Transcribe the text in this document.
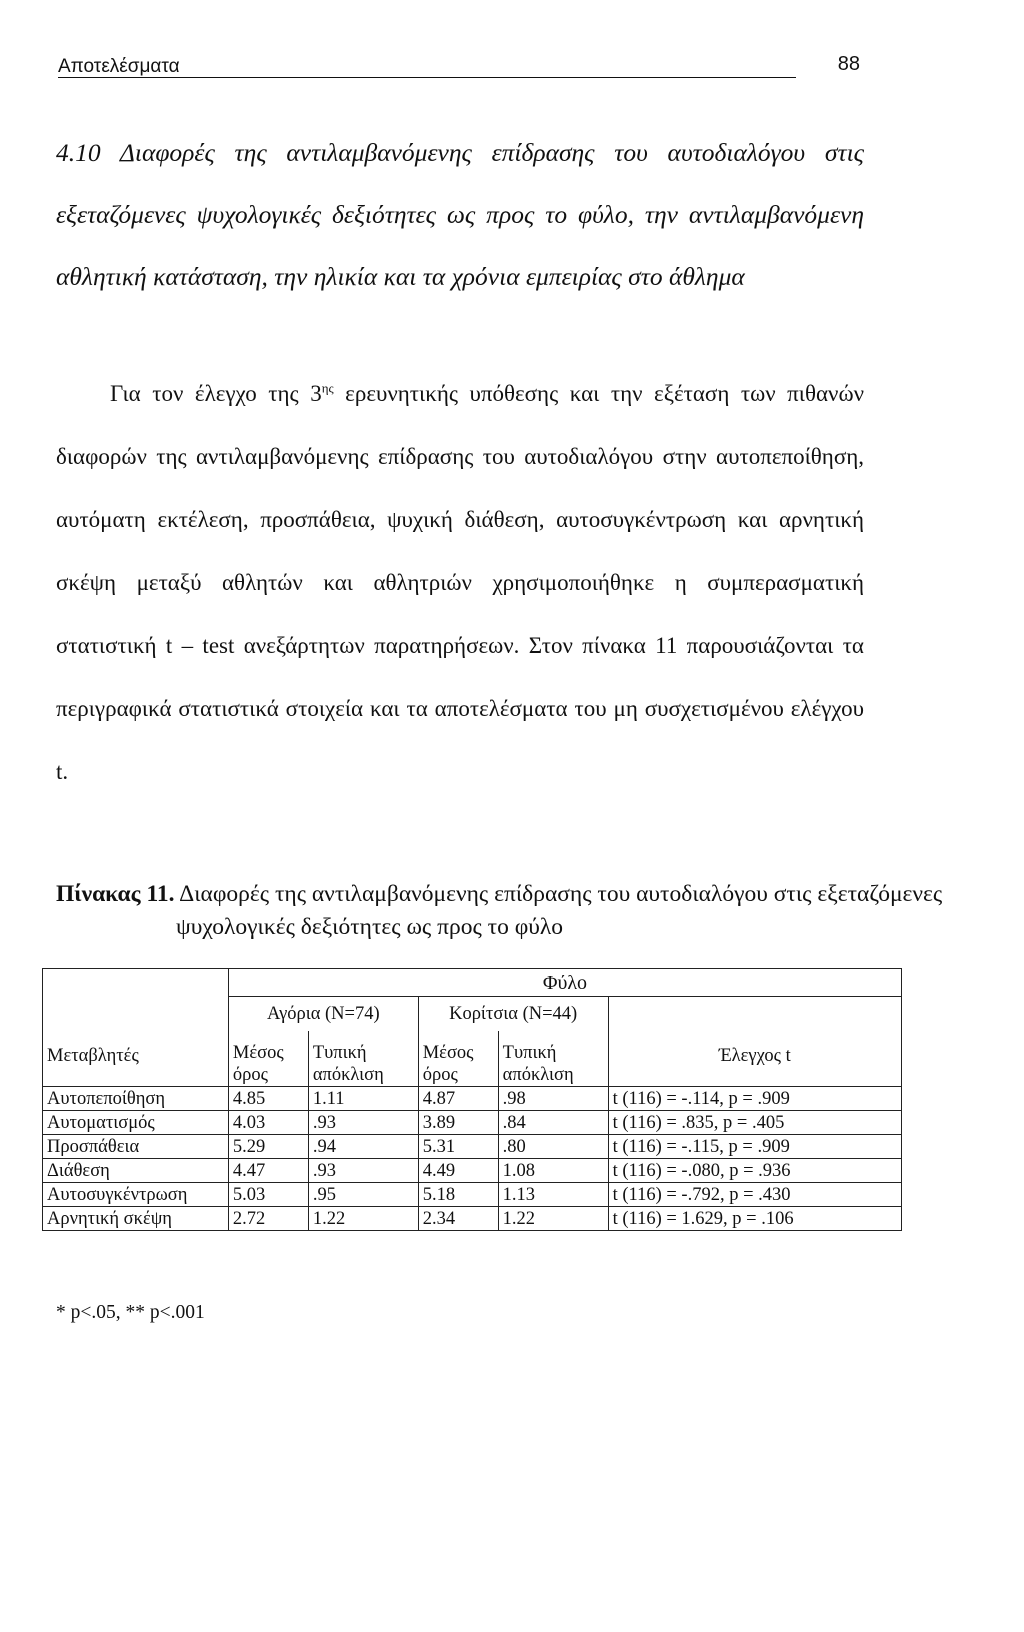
Αποτελέσματα	88
4.10 Διαφορές της αντιλαμβανόμενης επίδρασης του αυτοδιαλόγου στις εξεταζόμενες ψυχολογικές δεξιότητες ως προς το φύλο, την αντιλαμβανόμενη αθλητική κατάσταση, την ηλικία και τα χρόνια εμπειρίας στο άθλημα
Για τον έλεγχο της $3^{\eta\varsigma}$ ερευνητικής υπόθεσης και την εξέταση των πιθανών διαφορών της αντιλαμβανόμενης επίδρασης του αυτοδιαλόγου στην αυτοπεποίθηση, αυτόματη εκτέλεση, προσπάθεια, ψυχική διάθεση, αυτοσυγκέντρωση και αρνητική σκέψη μεταξύ αθλητών και αθλητριών χρησιμοποιήθηκε η συμπερασματική στατιστική t – test ανεξάρτητων παρατηρήσεων. Στον πίνακα 11 παρουσιάζονται τα περιγραφικά στατιστικά στοιχεία και τα αποτελέσματα του μη συσχετισμένου ελέγχου t.
Πίνακας 11. Διαφορές της αντιλαμβανόμενης επίδρασης του αυτοδιαλόγου στις εξεταζόμενες ψυχολογικές δεξιότητες ως προς το φύλο
	Φύλο				
	Αγόρια (Ν=74)		Κορίτσια (Ν=44)		
Μεταβλητές	Μέσος όρος	Τυπική απόκλιση	Μέσος όρος	Τυπική απόκλιση	Έλεγχος t
Αυτοπεποίθηση	4.85	1.11	4.87	.98	t (116) = -.114, p = .909
Αυτοματισμός	4.03	.93	3.89	.84	t (116) = .835, p = .405
Προσπάθεια	5.29	.94	5.31	.80	t (116) = -.115, p = .909
Διάθεση	4.47	.93	4.49	1.08	t (116) = -.080, p = .936
Αυτοσυγκέντρωση	5.03	.95	5.18	1.13	t (116) = -.792, p = .430
Αρνητική σκέψη	2.72	1.22	2.34	1.22	t (116) = 1.629, p = .106
* p<.05, ** p<.001
